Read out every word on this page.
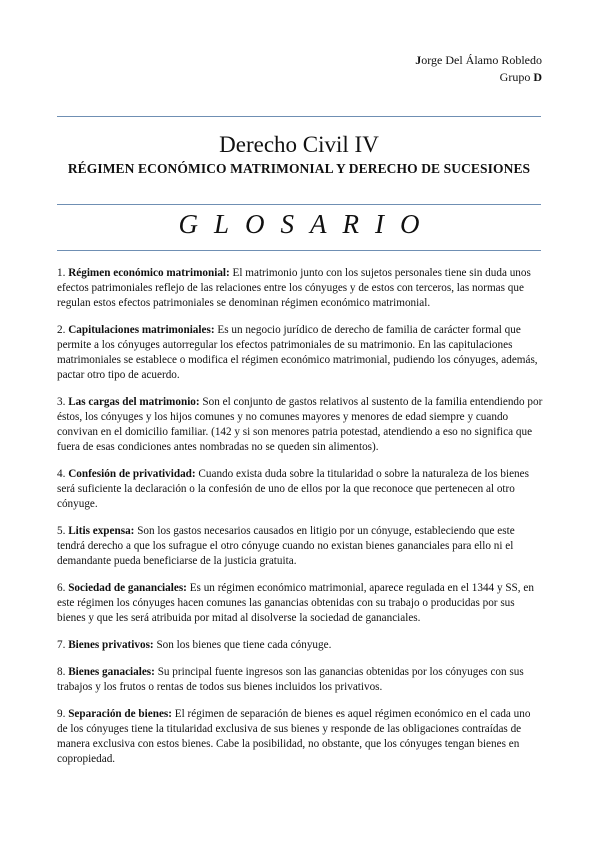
Jorge Del Álamo Robledo
Grupo D
Derecho Civil IV
RÉGIMEN ECONÓMICO MATRIMONIAL Y DERECHO DE SUCESIONES
GLOSARIO

1. Régimen económico matrimonial: El matrimonio junto con los sujetos personales tiene sin duda unos efectos patrimoniales reflejo de las relaciones entre los cónyuges y de estos con terceros, las normas que regulan estos efectos patrimoniales se denominan régimen económico matrimonial.

2. Capitulaciones matrimoniales: Es un negocio jurídico de derecho de familia de carácter formal que permite a los cónyuges autorregular los efectos patrimoniales de su matrimonio. En las capitulaciones matrimoniales se establece o modifica el régimen económico matrimonial, pudiendo los cónyuges, además, pactar otro tipo de acuerdo.

3. Las cargas del matrimonio: Son el conjunto de gastos relativos al sustento de la familia entendiendo por éstos, los cónyuges y los hijos comunes y no comunes mayores y menores de edad siempre y cuando convivan en el domicilio familiar. (142 y si son menores patria potestad, atendiendo a eso no significa que fuera de esas condiciones antes nombradas no se queden sin alimentos).

4. Confesión de privatividad: Cuando exista duda sobre la titularidad o sobre la naturaleza de los bienes será suficiente la declaración o la confesión de uno de ellos por la que reconoce que pertenecen al otro cónyuge.

5. Litis expensa: Son los gastos necesarios causados en litigio por un cónyuge, estableciendo que este tendrá derecho a que los sufrague el otro cónyuge cuando no existan bienes gananciales para ello ni el demandante pueda beneficiarse de la justicia gratuita.

6. Sociedad de gananciales: Es un régimen económico matrimonial, aparece regulada en el 1344 y SS, en este régimen los cónyuges hacen comunes las ganancias obtenidas con su trabajo o producidas por sus bienes y que les será atribuida por mitad al disolverse la sociedad de gananciales.

7. Bienes privativos: Son los bienes que tiene cada cónyuge.

8. Bienes ganaciales: Su principal fuente ingresos son las ganancias obtenidas por los cónyuges con sus trabajos y los frutos o rentas de todos sus bienes incluidos los privativos.

9. Separación de bienes: El régimen de separación de bienes es aquel régimen económico en el cada uno de los cónyuges tiene la titularidad exclusiva de sus bienes y responde de las obligaciones contraídas de manera exclusiva con estos bienes. Cabe la posibilidad, no obstante, que los cónyuges tengan bienes en copropiedad.
